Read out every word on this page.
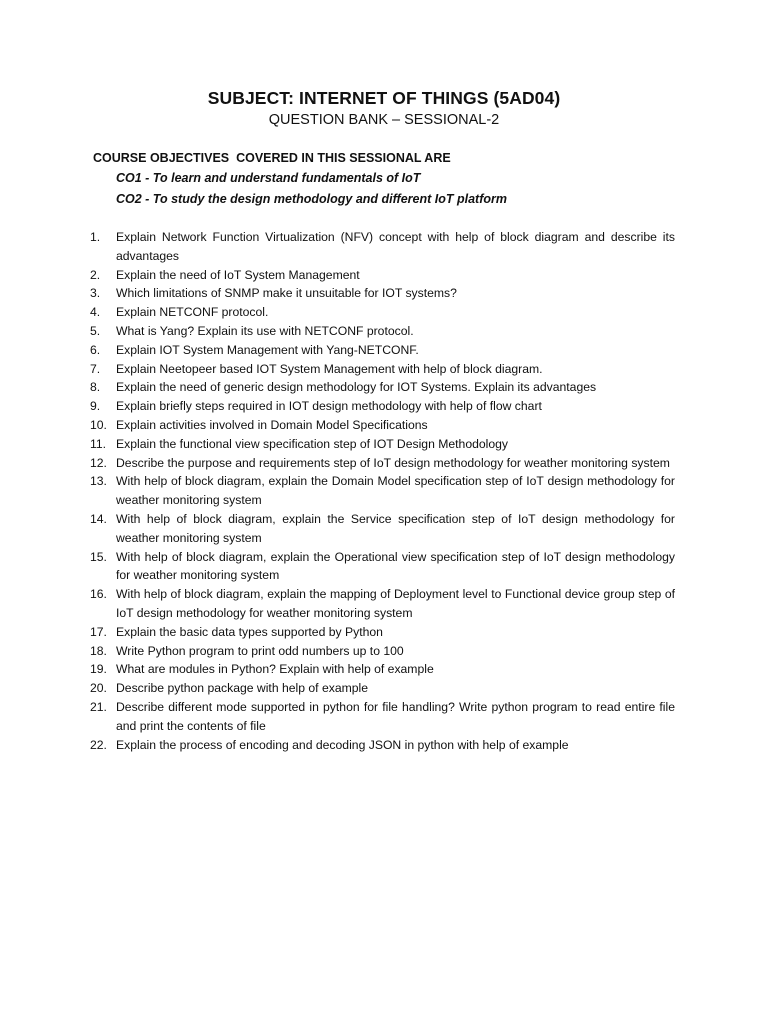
SUBJECT: INTERNET OF THINGS (5AD04)
QUESTION BANK – SESSIONAL-2
COURSE OBJECTIVES  COVERED IN THIS SESSIONAL ARE
CO1 - To learn and understand fundamentals of IoT
CO2 - To study the design methodology and different IoT platform
1.	Explain Network Function Virtualization (NFV) concept with help of block diagram and describe its advantages
2.	Explain the need of IoT System Management
3.	Which limitations of SNMP make it unsuitable for IOT systems?
4.	Explain NETCONF protocol.
5.	What is Yang? Explain its use with NETCONF protocol.
6.	Explain IOT System Management with Yang-NETCONF.
7.	Explain Neetopeer based IOT System Management with help of block diagram.
8.	Explain the need of generic design methodology for IOT Systems. Explain its advantages
9.	Explain briefly steps required in IOT design methodology with help of flow chart
10. Explain activities involved in Domain Model Specifications
11. Explain the functional view specification step of IOT Design Methodology
12. Describe the purpose and requirements step of IoT design methodology for weather monitoring system
13. With help of block diagram, explain the Domain Model specification step of IoT design methodology for weather monitoring system
14. With help of block diagram, explain the Service specification step of IoT design methodology for weather monitoring system
15. With help of block diagram, explain the Operational view specification step of IoT design methodology for weather monitoring system
16. With help of block diagram, explain the mapping of Deployment level to Functional device group step of IoT design methodology for weather monitoring system
17. Explain the basic data types supported by Python
18. Write Python program to print odd numbers up to 100
19. What are modules in Python? Explain with help of example
20. Describe python package with help of example
21. Describe different mode supported in python for file handling? Write python program to read entire file and print the contents of file
22. Explain the process of encoding and decoding JSON in python with help of example
